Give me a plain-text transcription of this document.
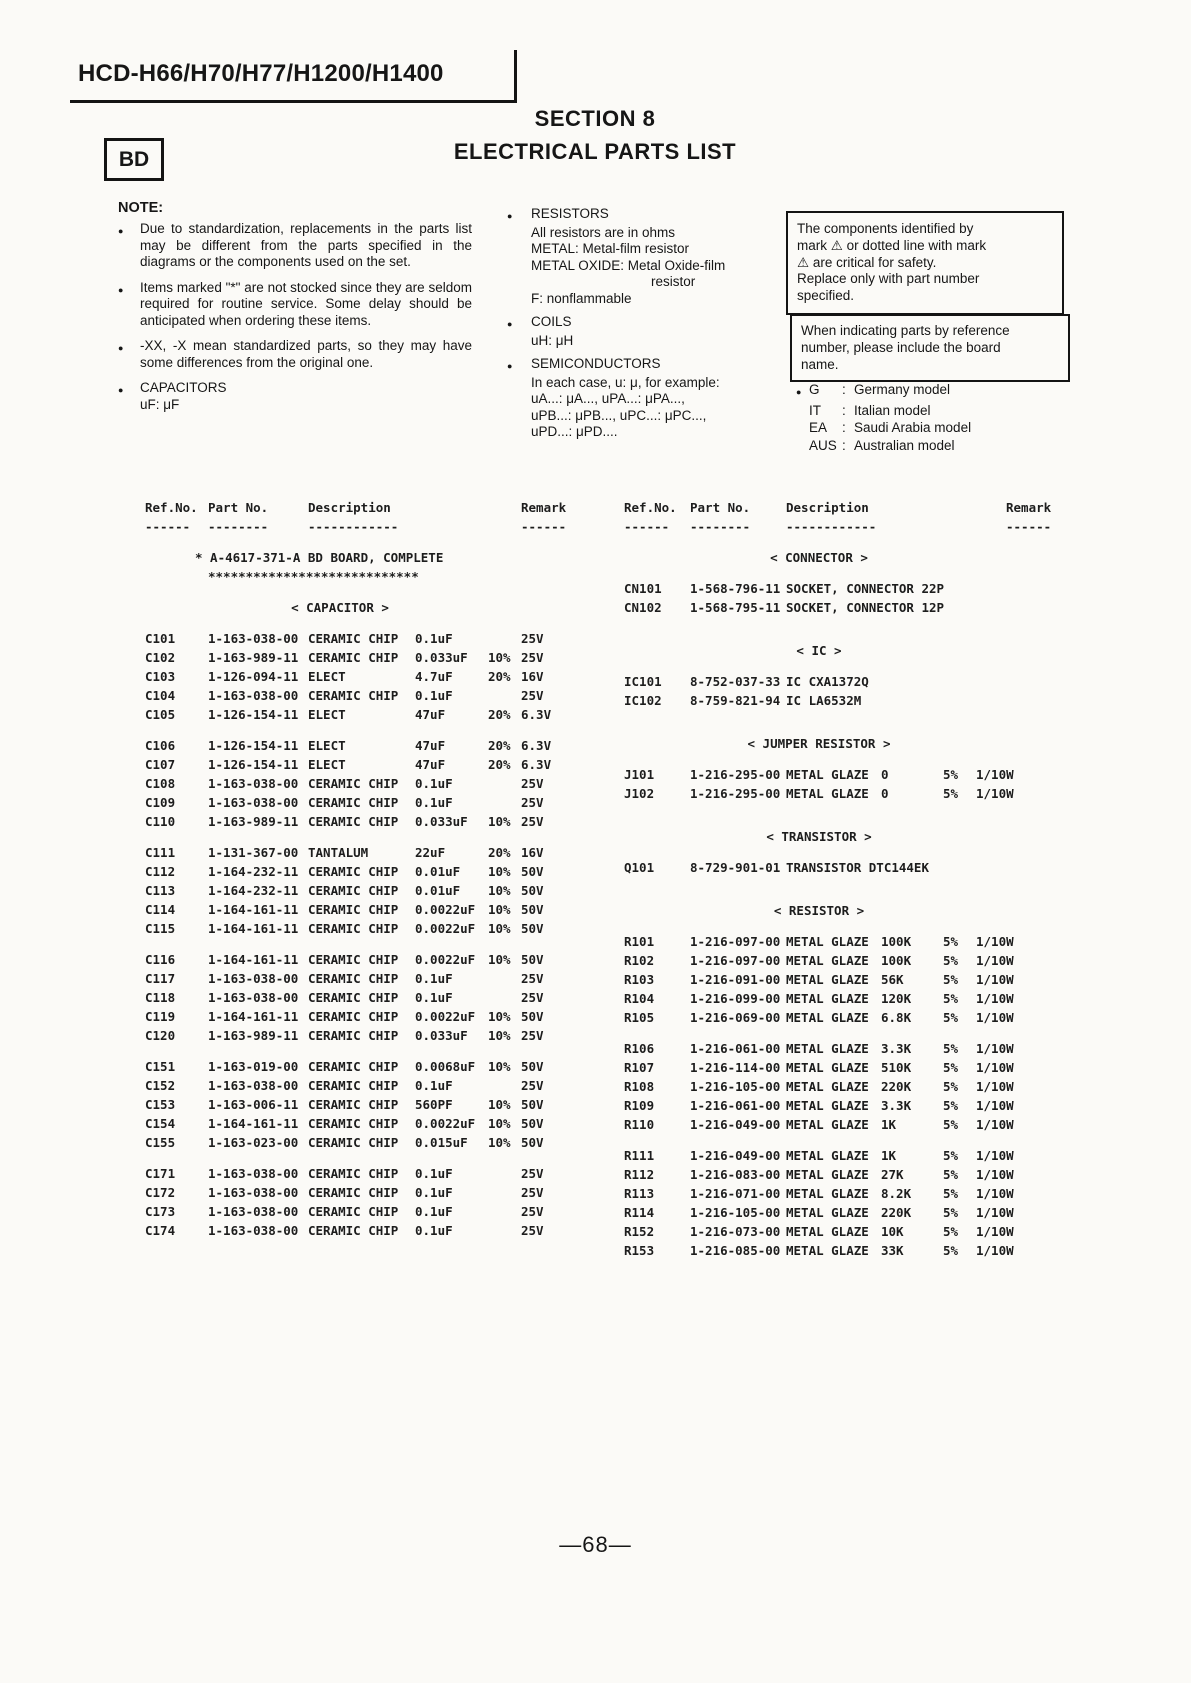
HCD-H66/H70/H77/H1200/H1400
BD
SECTION 8
ELECTRICAL PARTS LIST
NOTE:
●	Due to standardization, replacements in the parts list may be different from the parts specified in the diagrams or the components used on the set.
●	Items marked "*" are not stocked since they are seldom required for routine service. Some delay should be anticipated when ordering these items.
●	-XX, -X mean standardized parts, so they may have some differences from the original one.
●	CAPACITORS
uF: μF
●	RESISTORS
All resistors are in ohms
METAL: Metal-film resistor
METAL OXIDE: Metal Oxide-film
resistor
F: nonflammable
●	COILS
uH: μH
●	SEMICONDUCTORS
In each case, u: μ, for example:
uA...: μA..., uPA...: μPA...,
uPB...: μPB..., uPC...: μPC...,
uPD...: μPD....
The components identified by
mark ⚠ or dotted line with mark
⚠ are critical for safety.
Replace only with part number
specified.
When indicating parts by reference
number, please include the board
name.
● G	: Germany model
IT	: Italian model
EA	: Saudi Arabia model
AUS : Australian model
Ref.No. Part No.	Description	Remark
------	--------	------------	------
* A-4617-371-A BD BOARD, COMPLETE
****************************
< CAPACITOR >
C101	1-163-038-00 CERAMIC CHIP	0.1uF	25V
C102	1-163-989-11 CERAMIC CHIP	0.033uF	10% 25V
C103	1-126-094-11 ELECT	4.7uF	20% 16V
C104	1-163-038-00 CERAMIC CHIP	0.1uF	25V
C105	1-126-154-11 ELECT	47uF	20% 6.3V
C106	1-126-154-11 ELECT	47uF	20% 6.3V
C107	1-126-154-11 ELECT	47uF	20% 6.3V
C108	1-163-038-00 CERAMIC CHIP	0.1uF	25V
C109	1-163-038-00 CERAMIC CHIP	0.1uF	25V
C110	1-163-989-11 CERAMIC CHIP	0.033uF	10% 25V
C111	1-131-367-00 TANTALUM	22uF	20% 16V
C112	1-164-232-11 CERAMIC CHIP	0.01uF	10% 50V
C113	1-164-232-11 CERAMIC CHIP	0.01uF	10% 50V
C114	1-164-161-11 CERAMIC CHIP	0.0022uF	10% 50V
C115	1-164-161-11 CERAMIC CHIP	0.0022uF	10% 50V
C116	1-164-161-11 CERAMIC CHIP	0.0022uF	10% 50V
C117	1-163-038-00 CERAMIC CHIP	0.1uF	25V
C118	1-163-038-00 CERAMIC CHIP	0.1uF	25V
C119	1-164-161-11 CERAMIC CHIP	0.0022uF	10% 50V
C120	1-163-989-11 CERAMIC CHIP	0.033uF	10% 25V
C151	1-163-019-00 CERAMIC CHIP	0.0068uF	10% 50V
C152	1-163-038-00 CERAMIC CHIP	0.1uF	25V
C153	1-163-006-11 CERAMIC CHIP	560PF	10% 50V
C154	1-164-161-11 CERAMIC CHIP	0.0022uF	10% 50V
C155	1-163-023-00 CERAMIC CHIP	0.015uF	10% 50V
C171	1-163-038-00 CERAMIC CHIP	0.1uF	25V
C172	1-163-038-00 CERAMIC CHIP	0.1uF	25V
C173	1-163-038-00 CERAMIC CHIP	0.1uF	25V
C174	1-163-038-00 CERAMIC CHIP	0.1uF	25V
Ref.No.	Part No.	Description	Remark
------	--------	------------	------
< CONNECTOR >
CN101	1-568-796-11 SOCKET, CONNECTOR 22P
CN102	1-568-795-11 SOCKET, CONNECTOR 12P
< IC >
IC101	8-752-037-33 IC CXA1372Q
IC102	8-759-821-94 IC LA6532M
< JUMPER RESISTOR >
J101	1-216-295-00 METAL GLAZE 0	5%	1/10W
J102	1-216-295-00 METAL GLAZE 0	5%	1/10W
< TRANSISTOR >
Q101	8-729-901-01 TRANSISTOR DTC144EK
< RESISTOR >
R101	1-216-097-00 METAL GLAZE 100K	5%	1/10W
R102	1-216-097-00 METAL GLAZE 100K	5%	1/10W
R103	1-216-091-00 METAL GLAZE 56K	5%	1/10W
R104	1-216-099-00 METAL GLAZE 120K	5%	1/10W
R105	1-216-069-00 METAL GLAZE 6.8K	5%	1/10W
R106	1-216-061-00 METAL GLAZE 3.3K	5%	1/10W
R107	1-216-114-00 METAL GLAZE 510K	5%	1/10W
R108	1-216-105-00 METAL GLAZE 220K	5%	1/10W
R109	1-216-061-00 METAL GLAZE 3.3K	5%	1/10W
R110	1-216-049-00 METAL GLAZE 1K	5%	1/10W
R111	1-216-049-00 METAL GLAZE 1K	5%	1/10W
R112	1-216-083-00 METAL GLAZE 27K	5%	1/10W
R113	1-216-071-00 METAL GLAZE 8.2K	5%	1/10W
R114	1-216-105-00 METAL GLAZE 220K	5%	1/10W
R152	1-216-073-00 METAL GLAZE 10K	5%	1/10W
R153	1-216-085-00 METAL GLAZE 33K	5%	1/10W
—68—
